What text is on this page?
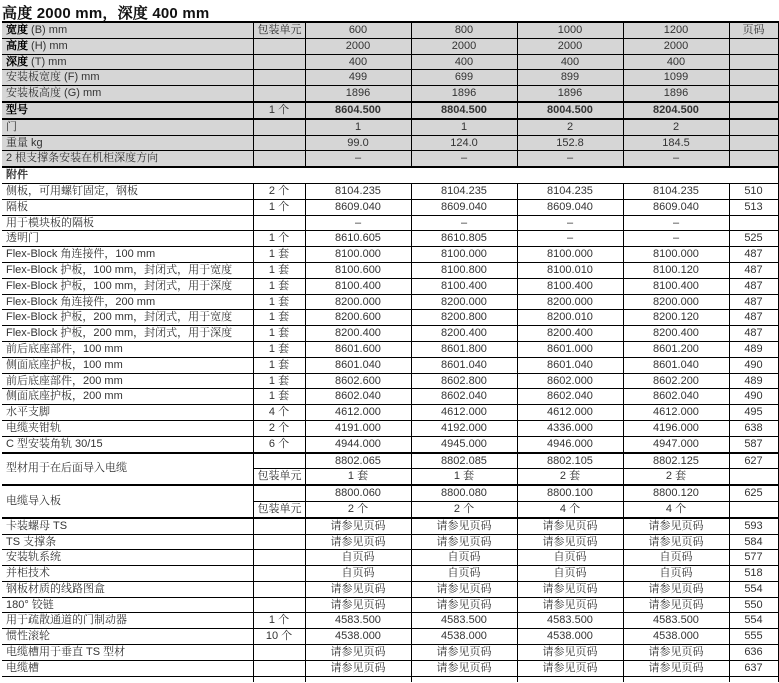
高度 2000 mm，深度 400 mm
宽度 (B) mm	包装单元	600	800	1000	1200	页码
高度 (H) mm		2000	2000	2000	2000	
深度 (T) mm		400	400	400	400	
安装板宽度 (F) mm		499	699	899	1099	
安装板高度 (G) mm		1896	1896	1896	1896	
型号	1 个	8604.500	8804.500	8004.500	8204.500	
门		1	1	2	2	
重量 kg		99.0	124.0	152.8	184.5	
2 根支撑条安装在机柜深度方向		–	–	–	–	
附件						
侧板，可用螺钉固定，钢板	2 个	8104.235	8104.235	8104.235	8104.235	510
隔板	1 个	8609.040	8609.040	8609.040	8609.040	513
用于模块板的隔板		–	–	–	–	
透明门	1 个	8610.605	8610.805	–	–	525
Flex-Block 角连接件，100 mm	1 套	8100.000	8100.000	8100.000	8100.000	487
Flex-Block 护板，100 mm，封闭式，用于宽度	1 套	8100.600	8100.800	8100.010	8100.120	487
Flex-Block 护板，100 mm，封闭式，用于深度	1 套	8100.400	8100.400	8100.400	8100.400	487
Flex-Block 角连接件，200 mm	1 套	8200.000	8200.000	8200.000	8200.000	487
Flex-Block 护板，200 mm，封闭式，用于宽度	1 套	8200.600	8200.800	8200.010	8200.120	487
Flex-Block 护板，200 mm，封闭式，用于深度	1 套	8200.400	8200.400	8200.400	8200.400	487
前后底座部件，100 mm	1 套	8601.600	8601.800	8601.000	8601.200	489
侧面底座护板，100 mm	1 套	8601.040	8601.040	8601.040	8601.040	490
前后底座部件，200 mm	1 套	8602.600	8602.800	8602.000	8602.200	489
侧面底座护板，200 mm	1 套	8602.040	8602.040	8602.040	8602.040	490
水平支脚	4 个	4612.000	4612.000	4612.000	4612.000	495
电缆夹钳轨	2 个	4191.000	4192.000	4336.000	4196.000	638
C 型安装角轨 30/15	6 个	4944.000	4945.000	4946.000	4947.000	587
型材用于在后面导入电缆		8802.065	8802.085	8802.105	8802.125	627
	包装单元	1 套	1 套	2 套	2 套	
电缆导入板		8800.060	8800.080	8800.100	8800.120	625
	包装单元	2 个	2 个	4 个	4 个	
卡装螺母 TS		请参见页码	请参见页码	请参见页码	请参见页码	593
TS 支撑条		请参见页码	请参见页码	请参见页码	请参见页码	584
安装轨系统		自页码	自页码	自页码	自页码	577
并柜技术		自页码	自页码	自页码	自页码	518
钢板材质的线路图盒		请参见页码	请参见页码	请参见页码	请参见页码	554
180° 铰链		请参见页码	请参见页码	请参见页码	请参见页码	550
用于疏散通道的门制动器	1 个	4583.500	4583.500	4583.500	4583.500	554
惯性滚轮	10 个	4538.000	4538.000	4538.000	4538.000	555
电缆槽用于垂直 TS 型材		请参见页码	请参见页码	请参见页码	请参见页码	636
电缆槽		请参见页码	请参见页码	请参见页码	请参见页码	637
